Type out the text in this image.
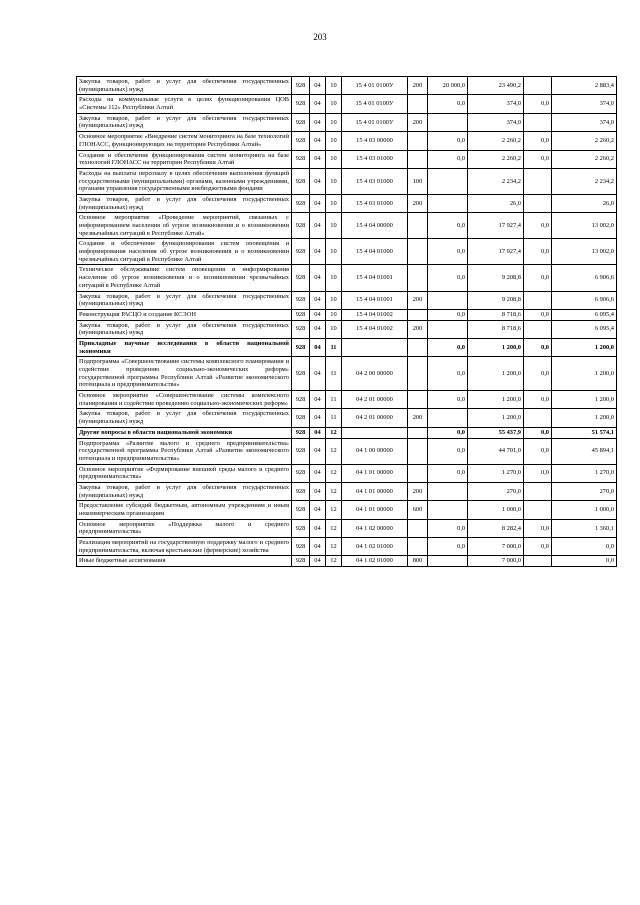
203
Закупка товаров, работ и услуг для обеспечения государственных (муниципальных) нужд	928	04	10	15 4 01 0100У	200	20 000,0	23 490,2		2 883,4
Расходы на коммунальные услуги в целях функционирования ЦОВ «Системы 112» Республики Алтай	928	04	10	15 4 01 0100У		0,0	374,0	0,0	374,0
Закупка товаров, работ и услуг для обеспечения государственных (муниципальных) нужд	928	04	10	15 4 01 0100У	200		374,0		374,0
Основное мероприятие «Внедрение систем мониторинга на базе технологий ГЛОНАСС, функционирующих на территории Республики Алтай»	928	04	10	15 4 03 00000		0,0	2 260,2	0,0	2 260,2
Создание и обеспечение функционирования систем мониторинга на базе технологий ГЛОНАСС на территории Республики Алтай	928	04	10	15 4 03 01000		0,0	2 260,2	0,0	2 260,2
Расходы на выплаты персоналу в целях обеспечения выполнения функций государственными (муниципальными) органами, казенными учреждениями, органами управления государственными внебюджетными фондами	928	04	10	15 4 03 01000	100		2 234,2		2 234,2
Закупка товаров, работ и услуг для обеспечения государственных (муниципальных) нужд	928	04	10	15 4 03 01000	200		26,0		26,0
Основное мероприятие «Проведение мероприятий, связанных с информированием населения об угрозе возникновения и о возникновении чрезвычайных ситуаций в Республике Алтай»	928	04	10	15 4 04 00000		0,0	17 927,4	0,0	13 002,0
Создание и обеспечение функционирования систем оповещения и информирования населения об угрозе возникновения и о возникновении чрезвычайных ситуаций в Республике Алтай	928	04	10	15 4 04 01000		0,0	17 927,4	0,0	13 002,0
Техническое обслуживание систем оповещения и информирования населения об угрозе возникновения и о возникновении чрезвычайных ситуаций в Республике Алтай	928	04	10	15 4 04 01001		0,0	9 208,8	0,0	6 906,6
Закупка товаров, работ и услуг для обеспечения государственных (муниципальных) нужд	928	04	10	15 4 04 01001	200		9 208,8		6 906,6
Реконструкция РАСЦО и создание КСЭОН	928	04	10	15 4 04 01002		0,0	8 718,6	0,0	6 095,4
Закупка товаров, работ и услуг для обеспечения государственных (муниципальных) нужд	928	04	10	15 4 04 01002	200		8 718,6		6 095,4
Прикладные научные исследования в области национальной экономики	928	04	11			0,0	1 200,0	0,0	1 200,0
Подпрограмма «Совершенствование системы комплексного планирования и содействие проведению социально-экономических реформ» государственной программы Республики Алтай «Развитие экономического потенциала и предпринимательства»	928	04	11	04 2 00 00000		0,0	1 200,0	0,0	1 200,0
Основное мероприятие «Совершенствование системы комплексного планирования и содействие проведению социально-экономических реформ»	928	04	11	04 2 01 00000		0,0	1 200,0	0,0	1 200,0
Закупка товаров, работ и услуг для обеспечения государственных (муниципальных) нужд	928	04	11	04 2 01 00000	200		1 200,0		1 200,0
Другие вопросы в области национальной экономики	928	04	12			0,0	55 437,9	0,0	51 574,1
Подпрограмма «Развитие малого и среднего предпринимательства» государственной программы Республики Алтай «Развитие экономического потенциала и предпринимательства»	928	04	12	04 1 00 00000		0,0	44 701,0	0,0	45 894,1
Основное мероприятие «Формирование внешней среды малого и среднего предпринимательства»	928	04	12	04 1 01 00000		0,0	1 270,0	0,0	1 270,0
Закупка товаров, работ и услуг для обеспечения государственных (муниципальных) нужд	928	04	12	04 1 01 00000	200		270,0		270,0
Предоставление субсидий бюджетным, автономным учреждениям и иным некоммерческим организациям	928	04	12	04 1 01 00000	600		1 000,0		1 000,0
Основное мероприятие «Поддержка малого и среднего предпринимательства»	928	04	12	04 1 02 00000		0,0	8 282,4	0,0	1 360,1
Реализация мероприятий на государственную поддержку малого и среднего предпринимательства, включая крестьянские (фермерские) хозяйства	928	04	12	04 1 02 01000		0,0	7 000,0	0,0	0,0
Иные бюджетные ассигнования	928	04	12	04 1 02 01000	800		7 000,0		0,0
